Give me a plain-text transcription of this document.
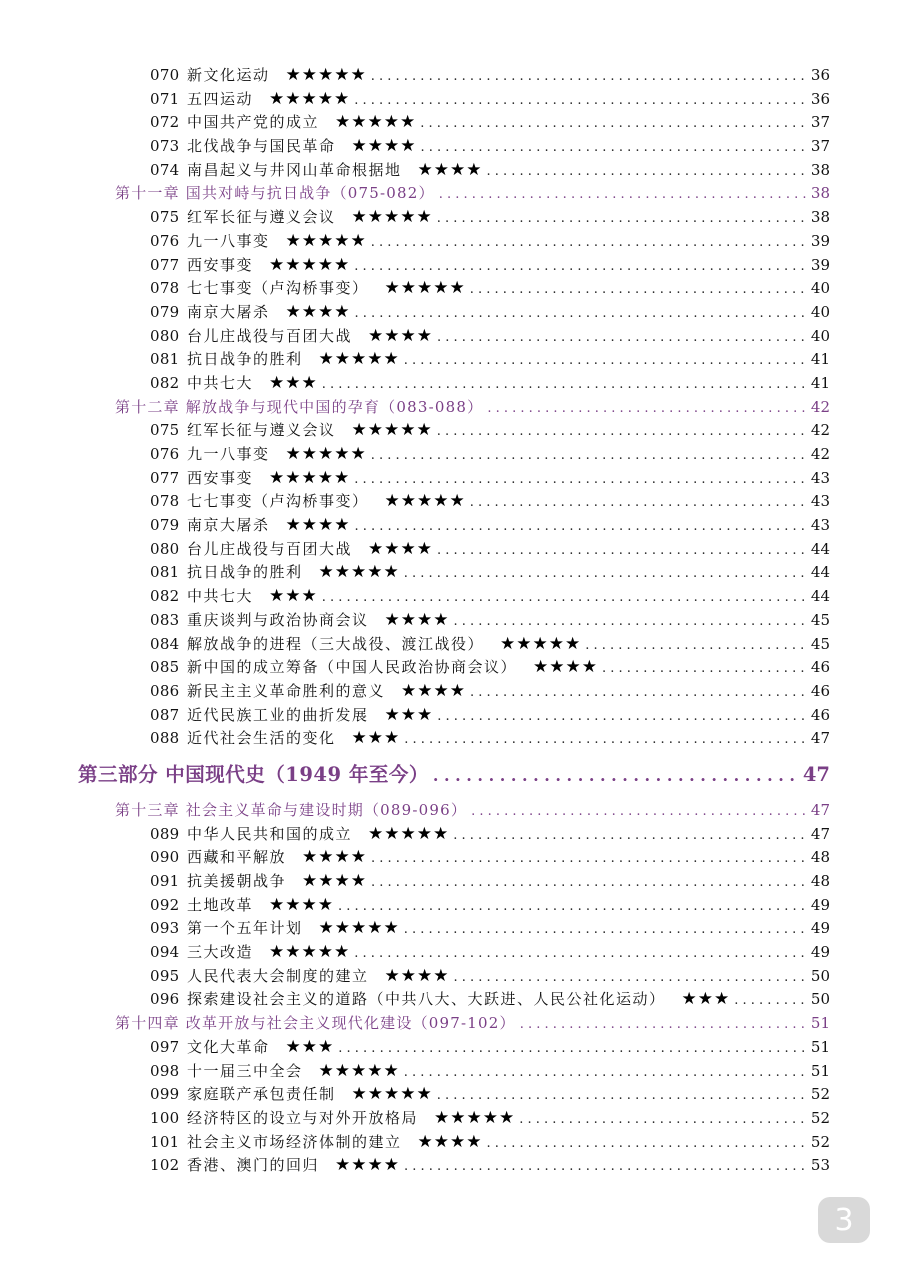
070 新文化运动 ★★★★★ . . .	36
071 五四运动 ★★★★★ . . .	36
072 中国共产党的成立 ★★★★★ . . .	37
073 北伐战争与国民革命 ★★★★ . . .	37
074 南昌起义与井冈山革命根据地 ★★★★ . . .	38
第十一章 国共对峙与抗日战争（075-082） . . .	38
075 红军长征与遵义会议 ★★★★★ . . .	38
076 九一八事变 ★★★★★ . . .	39
077 西安事变 ★★★★★ . . .	39
078 七七事变（卢沟桥事变） ★★★★★ . . .	40
079 南京大屠杀 ★★★★ . . .	40
080 台儿庄战役与百团大战 ★★★★ . . .	40
081 抗日战争的胜利 ★★★★★ . . .	41
082 中共七大 ★★★ . . .	41
第十二章 解放战争与现代中国的孕育（083-088） . . .	42
075 红军长征与遵义会议 ★★★★★ . . .	42
076 九一八事变 ★★★★★ . . .	42
077 西安事变 ★★★★★ . . .	43
078 七七事变（卢沟桥事变） ★★★★★ . . .	43
079 南京大屠杀 ★★★★ . . .	43
080 台儿庄战役与百团大战 ★★★★ . . .	44
081 抗日战争的胜利 ★★★★★ . . .	44
082 中共七大 ★★★ . . .	44
083 重庆谈判与政治协商会议 ★★★★ . . .	45
084 解放战争的进程（三大战役、渡江战役） ★★★★★ . . .	45
085 新中国的成立筹备（中国人民政治协商会议） ★★★★ . . .	46
086 新民主主义革命胜利的意义 ★★★★ . . .	46
087 近代民族工业的曲折发展 ★★★ . . .	46
088 近代社会生活的变化 ★★★ . . .	47
第三部分 中国现代史（1949 年至今） . . .	47
第十三章 社会主义革命与建设时期（089-096） . . .	47
089 中华人民共和国的成立 ★★★★★ . . .	47
090 西藏和平解放 ★★★★ . . .	48
091 抗美援朝战争 ★★★★ . . .	48
092 土地改革 ★★★★ . . .	49
093 第一个五年计划 ★★★★★ . . .	49
094 三大改造 ★★★★★ . . .	49
095 人民代表大会制度的建立 ★★★★ . . .	50
096 探索建设社会主义的道路（中共八大、大跃进、人民公社化运动） ★★★ . . .	50
第十四章 改革开放与社会主义现代化建设（097-102） . . .	51
097 文化大革命 ★★★ . . .	51
098 十一届三中全会 ★★★★★ . . .	51
099 家庭联产承包责任制 ★★★★★ . . .	52
100 经济特区的设立与对外开放格局 ★★★★★ . . .	52
101 社会主义市场经济体制的建立 ★★★★ . . .	52
102 香港、澳门的回归 ★★★★ . . .	53
3
